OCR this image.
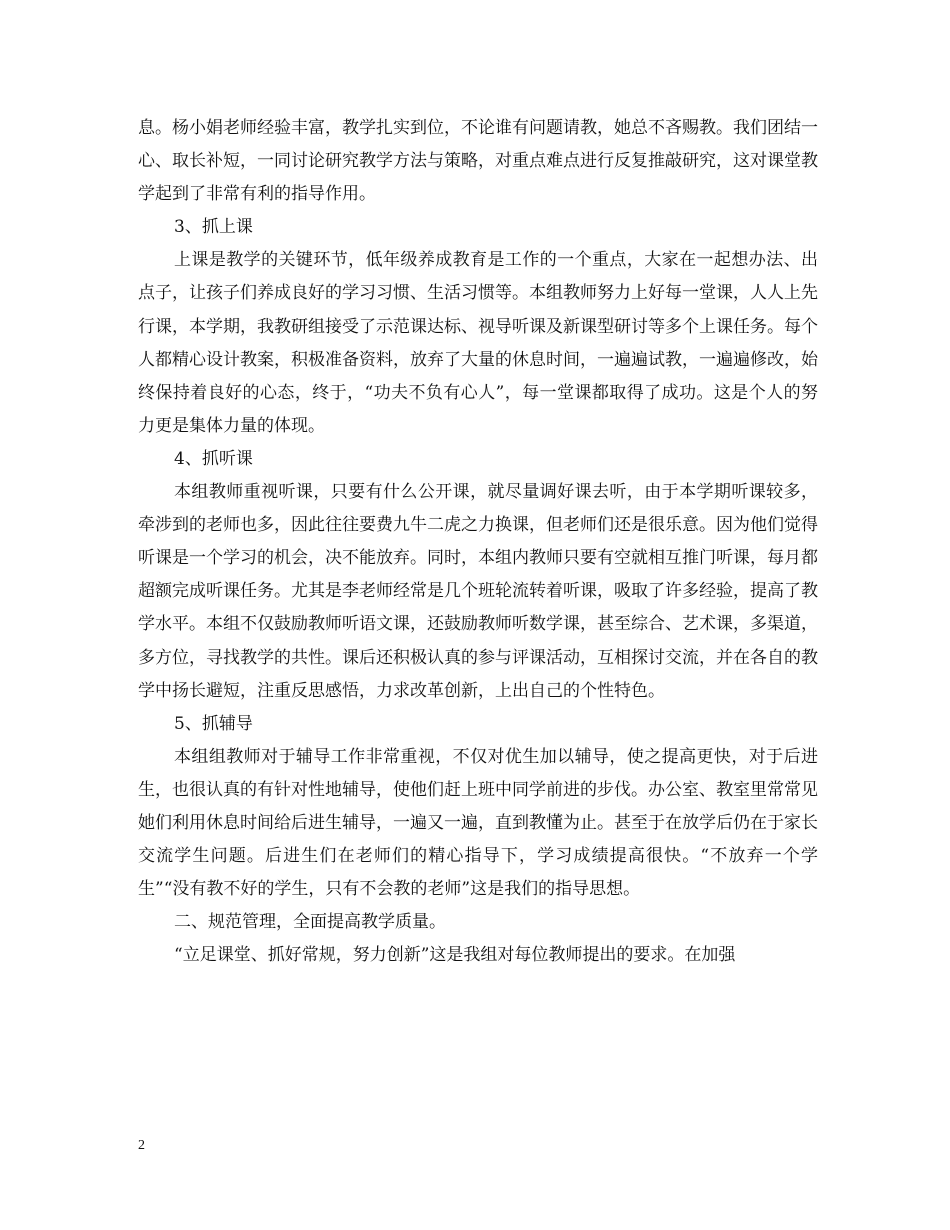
息。杨小娟老师经验丰富，教学扎实到位，不论谁有问题请教，她总不吝赐教。我们团结一心、取长补短，一同讨论研究教学方法与策略，对重点难点进行反复推敲研究，这对课堂教学起到了非常有利的指导作用。

3、抓上课

上课是教学的关键环节，低年级养成教育是工作的一个重点，大家在一起想办法、出点子，让孩子们养成良好的学习习惯、生活习惯等。本组教师努力上好每一堂课，人人上先行课，本学期，我教研组接受了示范课达标、视导听课及新课型研讨等多个上课任务。每个人都精心设计教案，积极准备资料，放弃了大量的休息时间，一遍遍试教，一遍遍修改，始终保持着良好的心态，终于，“功夫不负有心人”，每一堂课都取得了成功。这是个人的努力更是集体力量的体现。

4、抓听课

本组教师重视听课，只要有什么公开课，就尽量调好课去听，由于本学期听课较多，牵涉到的老师也多，因此往往要费九牛二虎之力换课，但老师们还是很乐意。因为他们觉得听课是一个学习的机会，决不能放弃。同时，本组内教师只要有空就相互推门听课，每月都超额完成听课任务。尤其是李老师经常是几个班轮流转着听课，吸取了许多经验，提高了教学水平。本组不仅鼓励教师听语文课，还鼓励教师听数学课，甚至综合、艺术课，多渠道，多方位，寻找教学的共性。课后还积极认真的参与评课活动，互相探讨交流，并在各自的教学中扬长避短，注重反思感悟，力求改革创新，上出自己的个性特色。

5、抓辅导

本组组教师对于辅导工作非常重视，不仅对优生加以辅导，使之提高更快，对于后进生，也很认真的有针对性地辅导，使他们赶上班中同学前进的步伐。办公室、教室里常常见她们利用休息时间给后进生辅导，一遍又一遍，直到教懂为止。甚至于在放学后仍在于家长交流学生问题。后进生们在老师们的精心指导下，学习成绩提高很快。“不放弃一个学生”“没有教不好的学生，只有不会教的老师”这是我们的指导思想。

二、规范管理，全面提高教学质量。

“立足课堂、抓好常规，努力创新”这是我组对每位教师提出的要求。在加强

2
